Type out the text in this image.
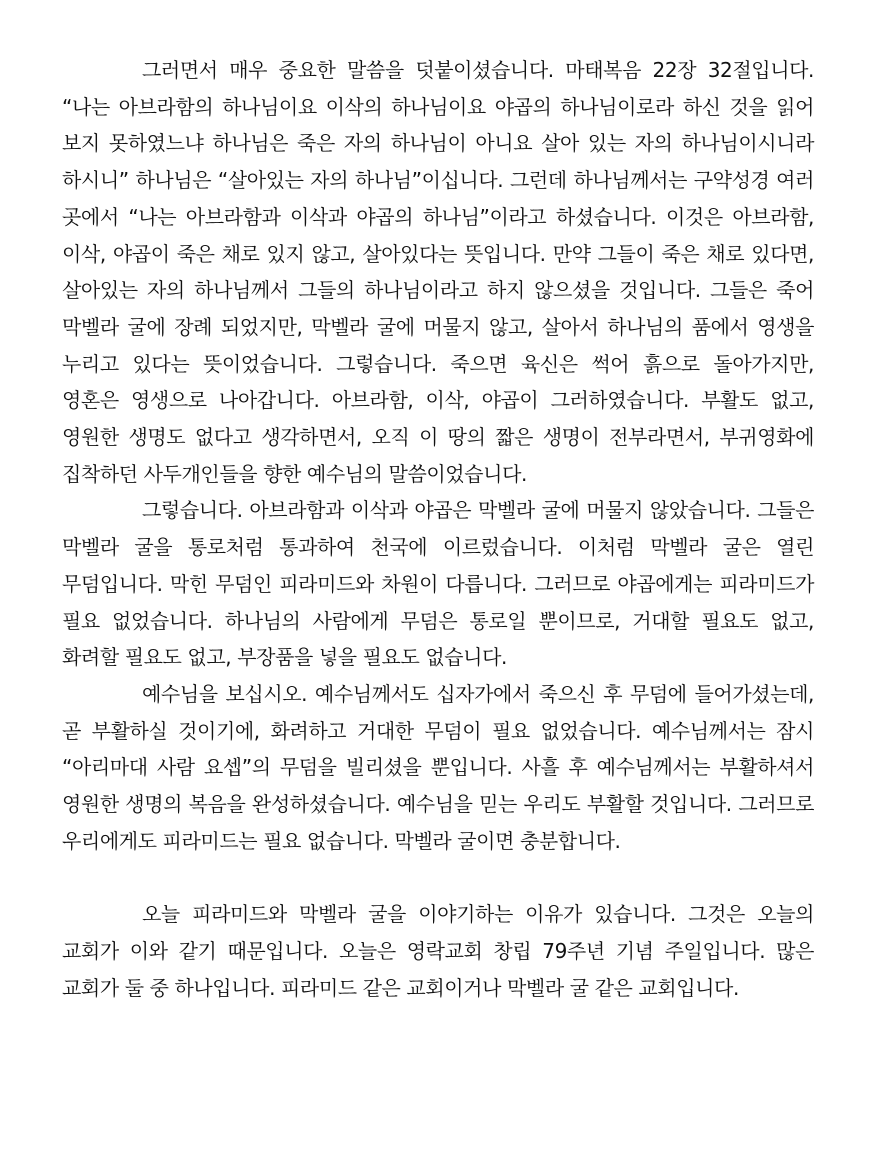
그러면서 매우 중요한 말씀을 덧붙이셨습니다. 마태복음 22장 32절입니다. “나는 아브라함의 하나님이요 이삭의 하나님이요 야곱의 하나님이로라 하신 것을 읽어 보지 못하였느냐 하나님은 죽은 자의 하나님이 아니요 살아 있는 자의 하나님이시니라 하시니” 하나님은 “살아있는 자의 하나님”이십니다. 그런데 하나님께서는 구약성경 여러 곳에서 “나는 아브라함과 이삭과 야곱의 하나님”이라고 하셨습니다. 이것은 아브라함, 이삭, 야곱이 죽은 채로 있지 않고, 살아있다는 뜻입니다. 만약 그들이 죽은 채로 있다면, 살아있는 자의 하나님께서 그들의 하나님이라고 하지 않으셨을 것입니다. 그들은 죽어 막벨라 굴에 장례 되었지만, 막벨라 굴에 머물지 않고, 살아서 하나님의 품에서 영생을 누리고 있다는 뜻이었습니다. 그렇습니다. 죽으면 육신은 썩어 흙으로 돌아가지만, 영혼은 영생으로 나아갑니다. 아브라함, 이삭, 야곱이 그러하였습니다. 부활도 없고, 영원한 생명도 없다고 생각하면서, 오직 이 땅의 짧은 생명이 전부라면서, 부귀영화에 집착하던 사두개인들을 향한 예수님의 말씀이었습니다.

그렇습니다. 아브라함과 이삭과 야곱은 막벨라 굴에 머물지 않았습니다. 그들은 막벨라 굴을 통로처럼 통과하여 천국에 이르렀습니다. 이처럼 막벨라 굴은 열린 무덤입니다. 막힌 무덤인 피라미드와 차원이 다릅니다. 그러므로 야곱에게는 피라미드가 필요 없었습니다. 하나님의 사람에게 무덤은 통로일 뿐이므로, 거대할 필요도 없고, 화려할 필요도 없고, 부장품을 넣을 필요도 없습니다.

예수님을 보십시오. 예수님께서도 십자가에서 죽으신 후 무덤에 들어가셨는데, 곧 부활하실 것이기에, 화려하고 거대한 무덤이 필요 없었습니다. 예수님께서는 잠시 “아리마대 사람 요셉”의 무덤을 빌리셨을 뿐입니다. 사흘 후 예수님께서는 부활하셔서 영원한 생명의 복음을 완성하셨습니다. 예수님을 믿는 우리도 부활할 것입니다. 그러므로 우리에게도 피라미드는 필요 없습니다. 막벨라 굴이면 충분합니다.

오늘 피라미드와 막벨라 굴을 이야기하는 이유가 있습니다. 그것은 오늘의 교회가 이와 같기 때문입니다. 오늘은 영락교회 창립 79주년 기념 주일입니다. 많은 교회가 둘 중 하나입니다. 피라미드 같은 교회이거나 막벨라 굴 같은 교회입니다.
